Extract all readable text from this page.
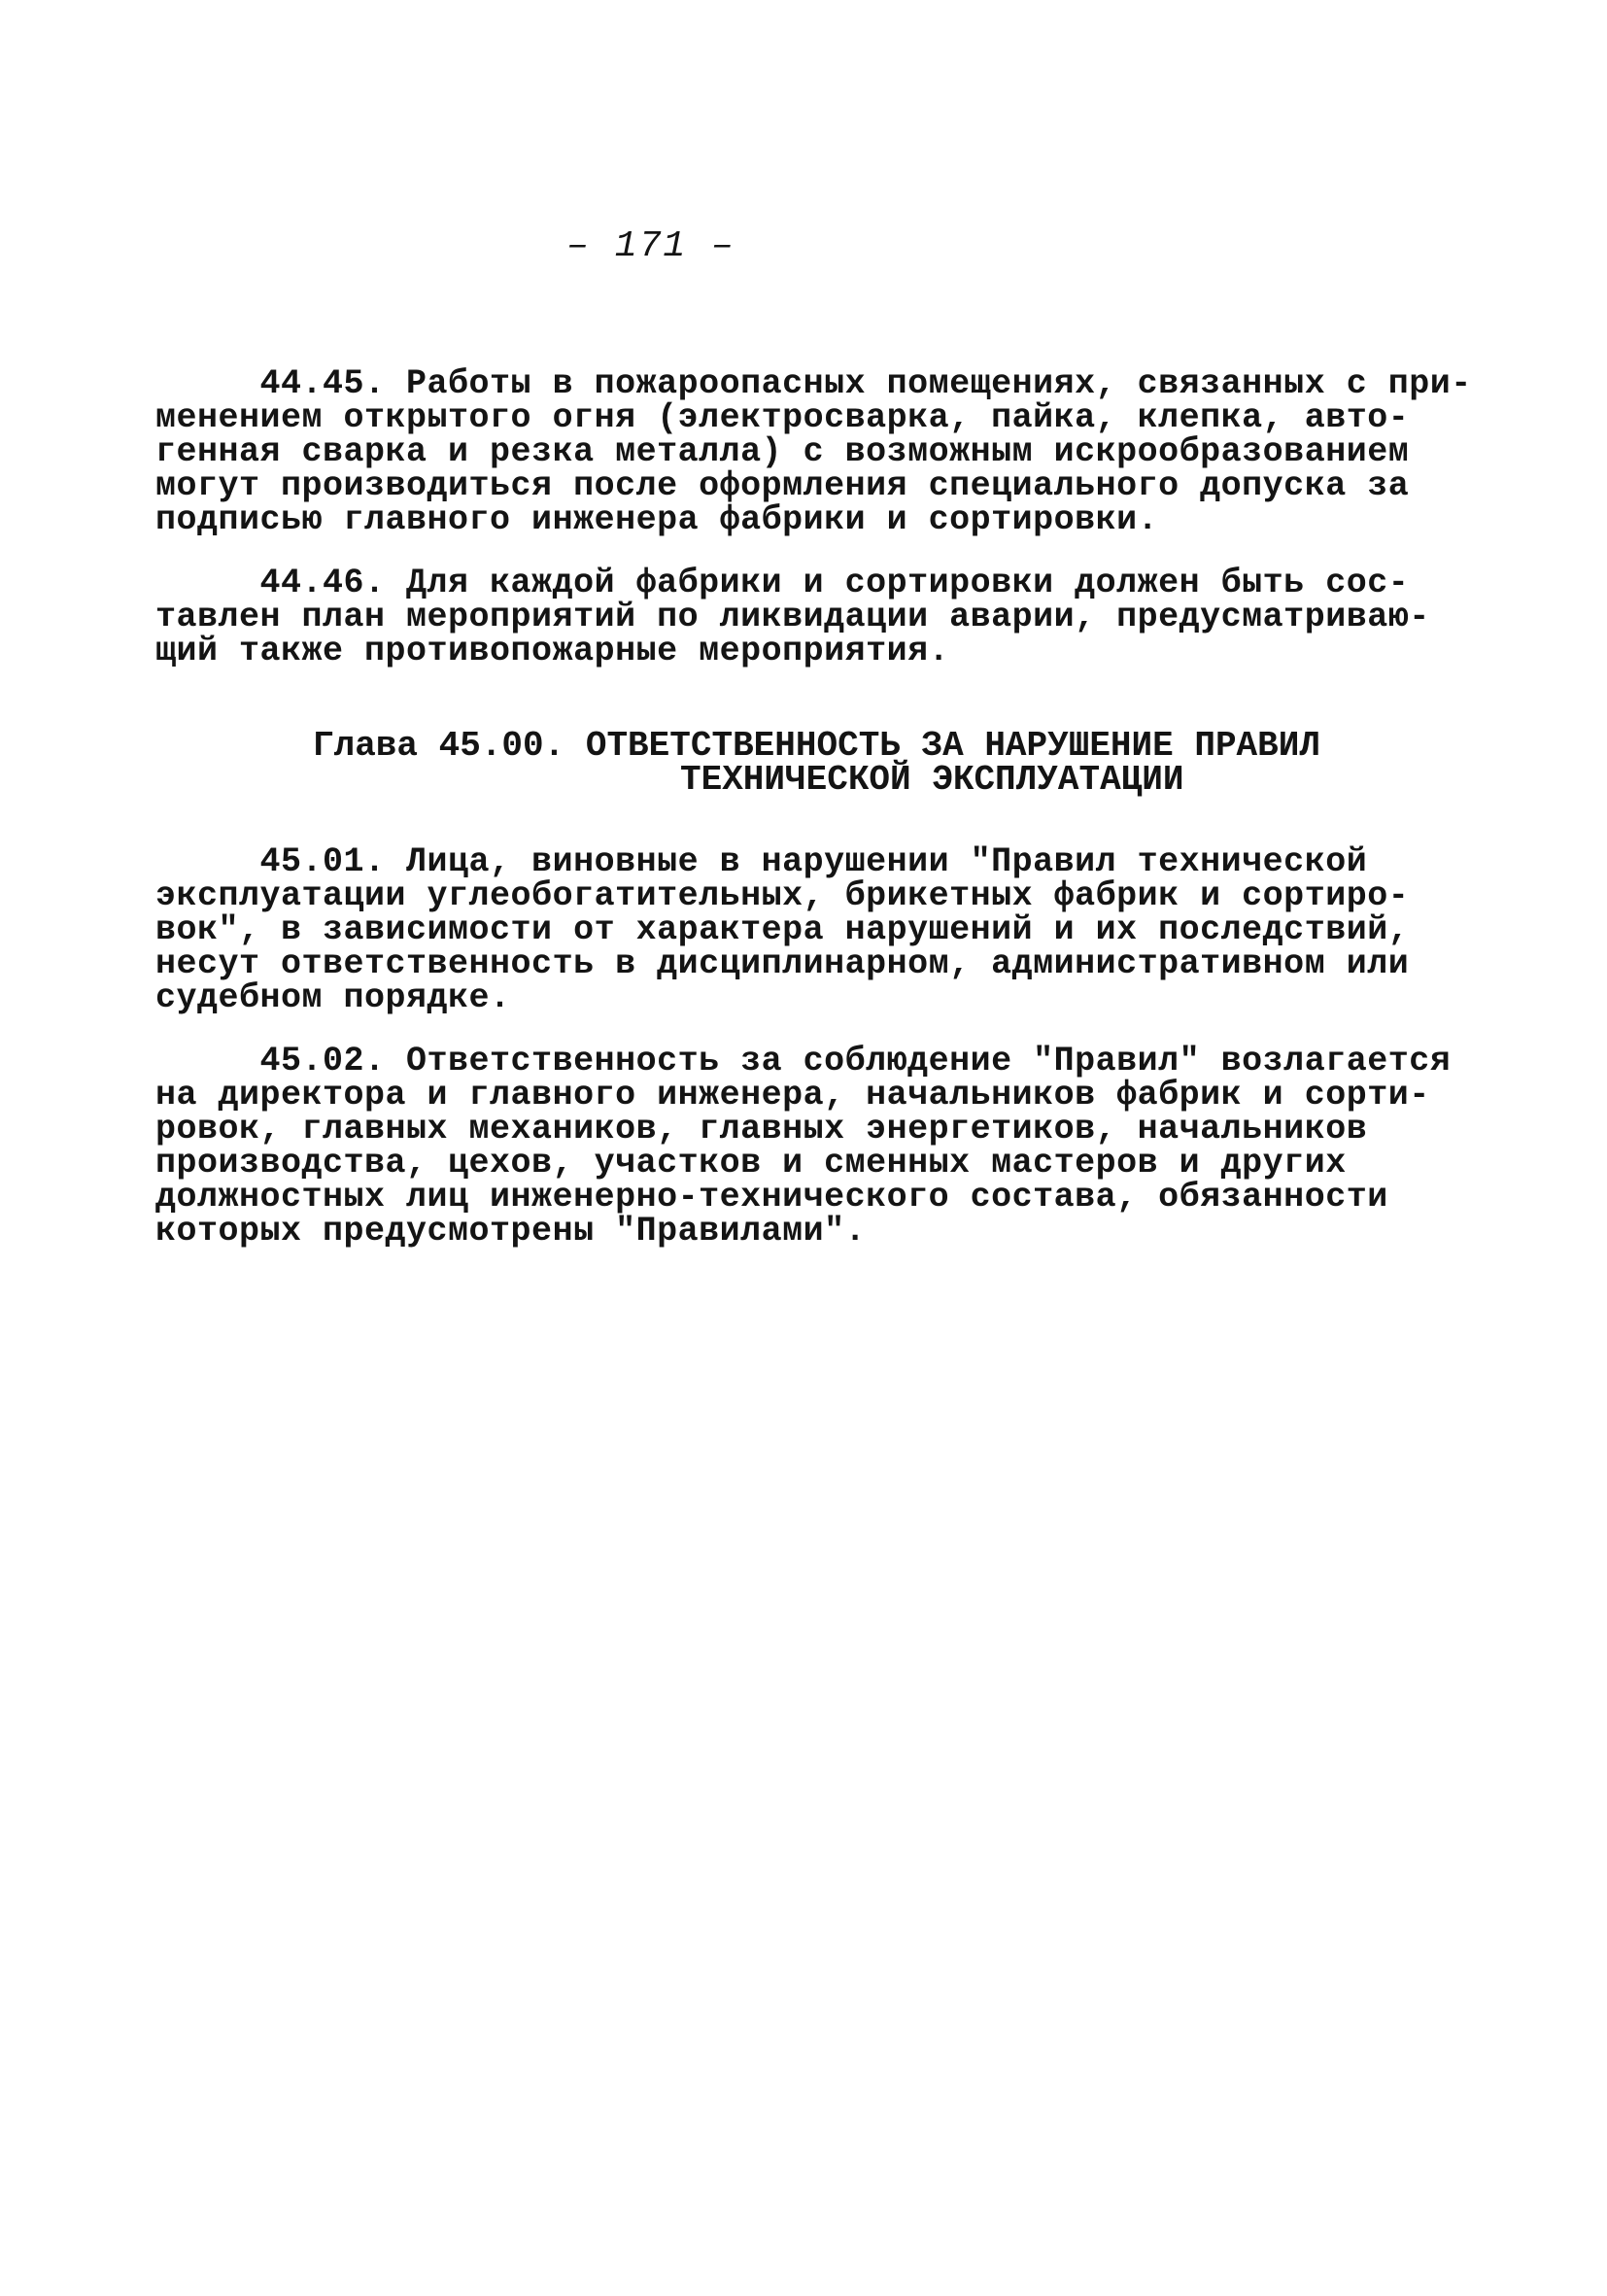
– 171 –
44.45. Работы в пожароопасных помещениях, связанных с при-
менением открытого огня (электросварка, пайка, клепка, авто-
генная сварка и резка металла) с возможным искрообразованием
могут производиться после оформления специального допуска за
подписью главного инженера фабрики и сортировки.
44.46. Для каждой фабрики и сортировки должен быть сос-
тавлен план мероприятий по ликвидации аварии, предусматриваю-
щий также противопожарные мероприятия.
Глава 45.00. ОТВЕТСТВЕННОСТЬ ЗА НАРУШЕНИЕ ПРАВИЛ
ТЕХНИЧЕСКОЙ ЭКСПЛУАТАЦИИ
45.01. Лица, виновные в нарушении "Правил технической
эксплуатации углеобогатительных, брикетных фабрик и сортиро-
вок", в зависимости от характера нарушений и их последствий,
несут ответственность в дисциплинарном, административном или
судебном порядке.
45.02. Ответственность за соблюдение "Правил" возлагается
на директора и главного инженера, начальников фабрик и сорти-
ровок, главных механиков, главных энергетиков, начальников
производства, цехов, участков и сменных мастеров и других
должностных лиц инженерно-технического состава, обязанности
которых предусмотрены "Правилами".
